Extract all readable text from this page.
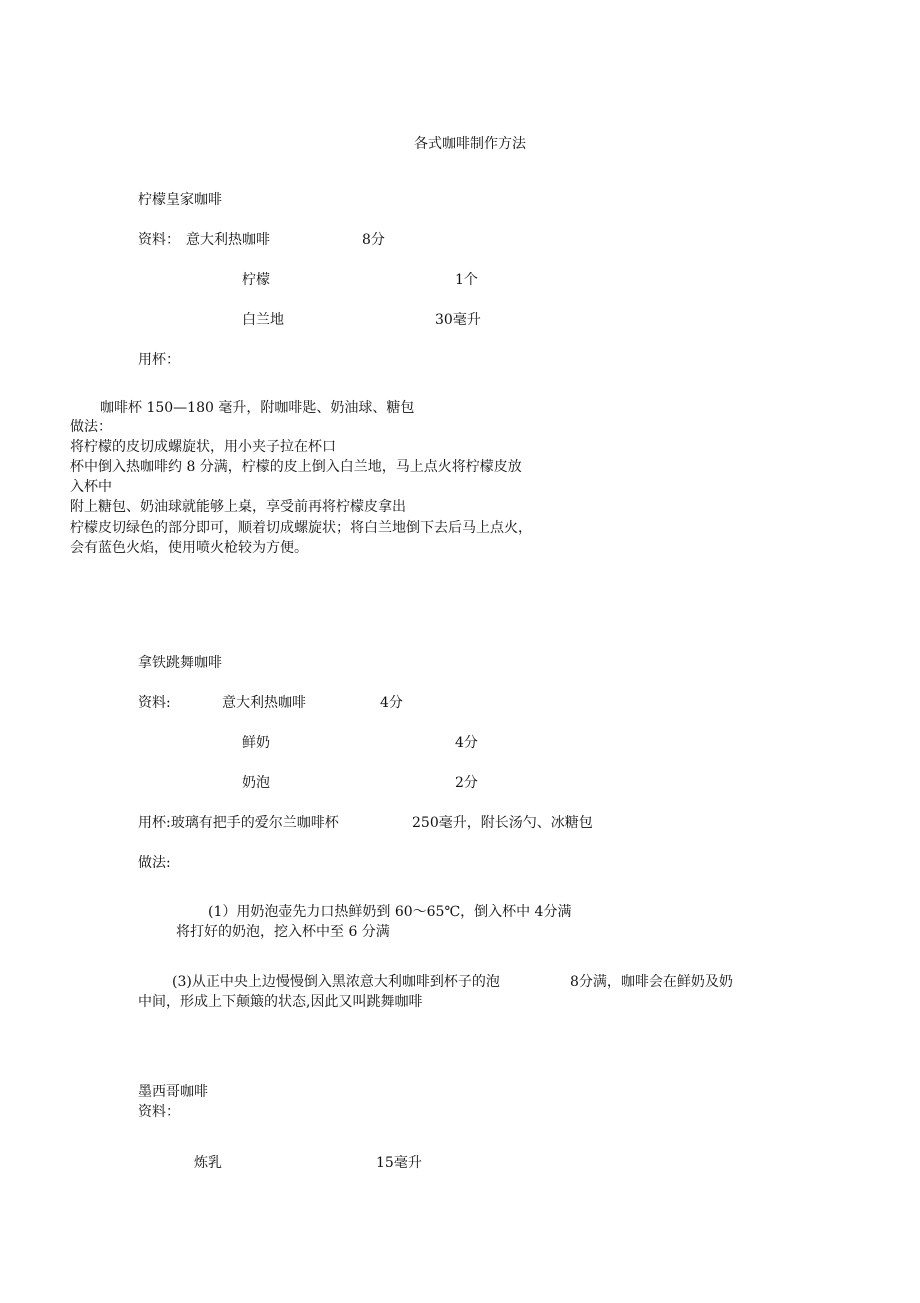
各式咖啡制作方法
柠檬皇家咖啡
资料： 意大利热咖啡	8分
柠檬	1个
白兰地	30毫升
用杯：
咖啡杯 150—180 毫升，附咖啡匙、奶油球、糖包
做法：
将柠檬的皮切成螺旋状，用小夹子拉在杯口
杯中倒入热咖啡约 8 分满，柠檬的皮上倒入白兰地，马上点火将柠檬皮放
入杯中
附上糖包、奶油球就能够上桌，享受前再将柠檬皮拿出
柠檬皮切绿色的部分即可，顺着切成螺旋状；将白兰地倒下去后马上点火，
会有蓝色火焰，使用喷火枪较为方便。
拿铁跳舞咖啡
资料:	意大利热咖啡	4分
鲜奶	4分
奶泡	2分
用杯:玻璃有把手的爱尔兰咖啡杯	250毫升，附长汤勺、冰糖包
做法:
(1）用奶泡壶先力口热鲜奶到 60～65℃，倒入杯中 4分满
将打好的奶泡，挖入杯中至 6 分满
(3)从正中央上边慢慢倒入黑浓意大利咖啡到杯子的泡	8分满，咖啡会在鲜奶及奶
中间，形成上下颠簸的状态,因此又叫跳舞咖啡
墨西哥咖啡
资料：
炼乳	15毫升
